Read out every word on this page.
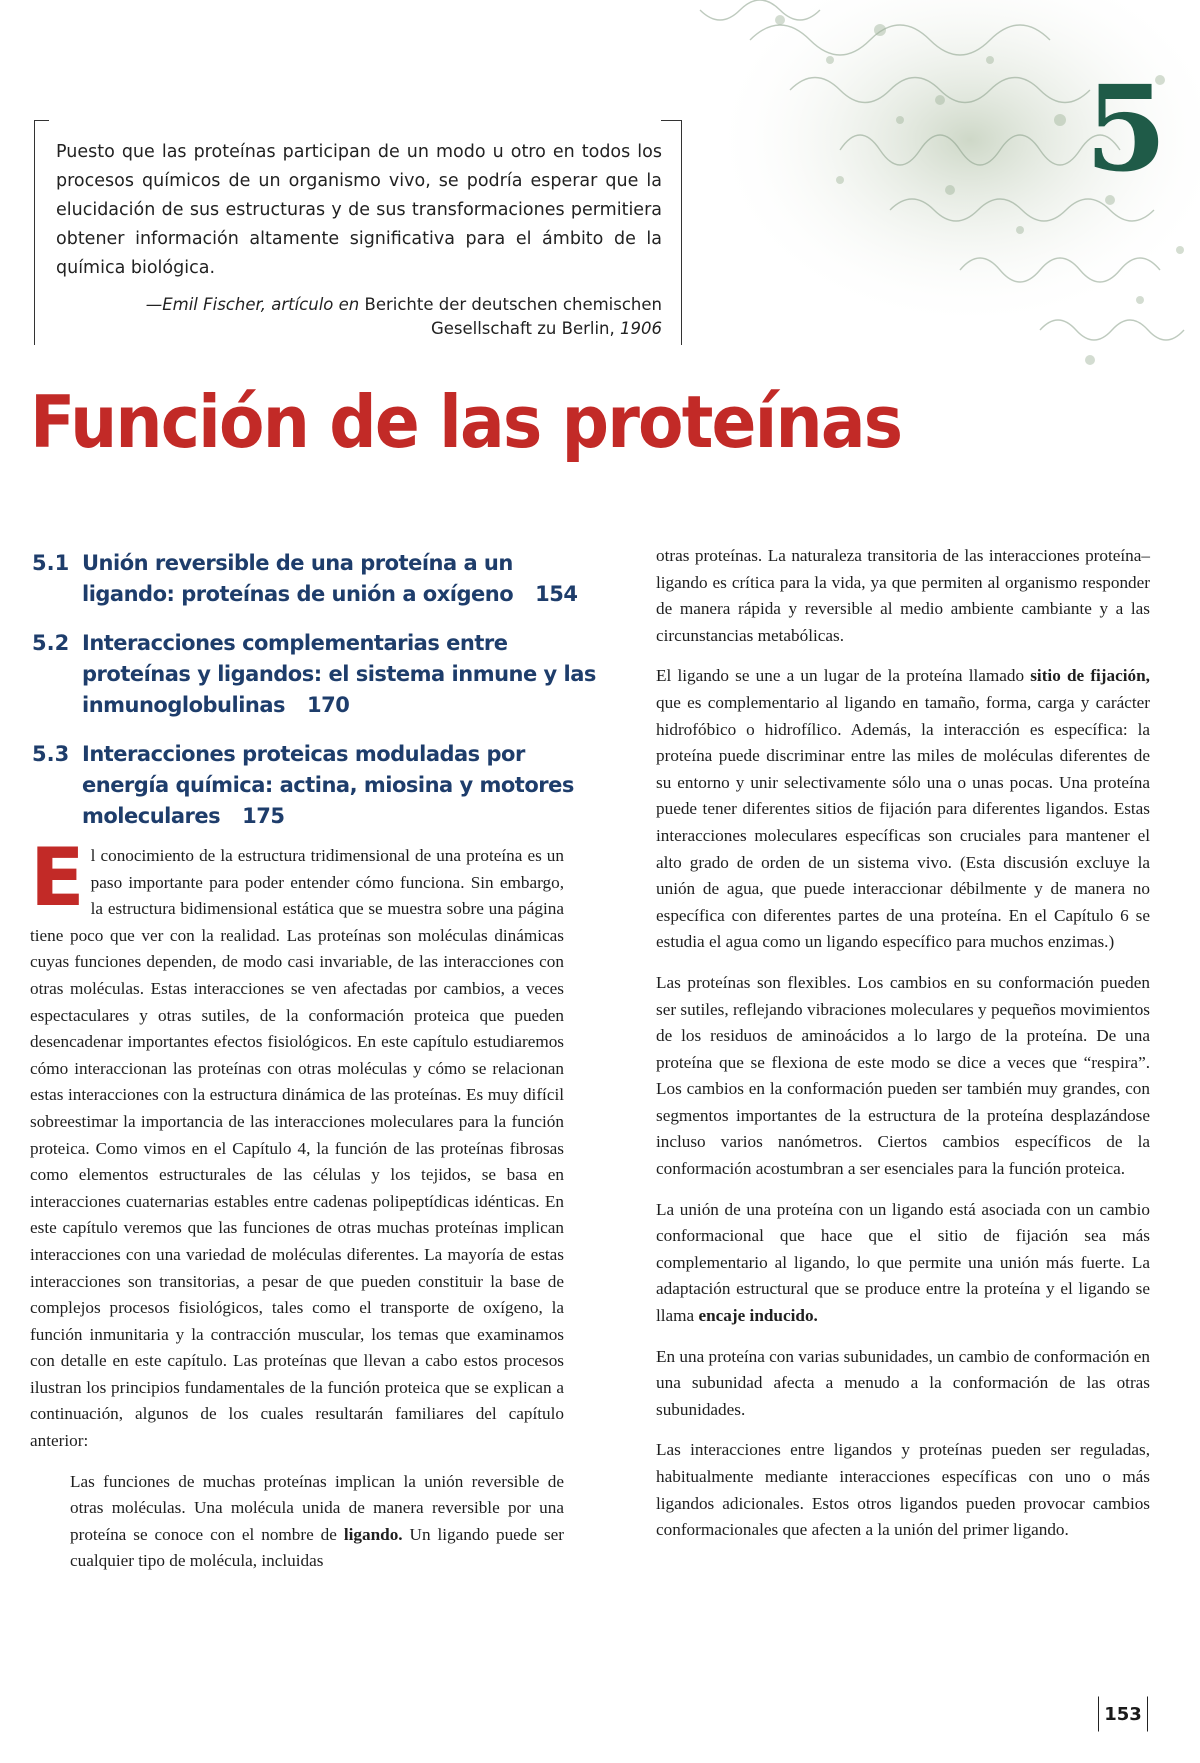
5

Puesto que las proteínas participan de un modo u otro en todos los procesos químicos de un organismo vivo, se podría esperar que la elucidación de sus estructuras y de sus transformaciones permitiera obtener información altamente significativa para el ámbito de la química biológica.

—Emil Fischer, artículo en Berichte der deutschen chemischen Gesellschaft zu Berlin, 1906
Función de las proteínas
5.1 Unión reversible de una proteína a un ligando: proteínas de unión a oxígeno 154
5.2 Interacciones complementarias entre proteínas y ligandos: el sistema inmune y las inmunoglobulinas 170
5.3 Interacciones proteicas moduladas por energía química: actina, miosina y motores moleculares 175

El conocimiento de la estructura tridimensional de una proteína es un paso importante para poder entender cómo funciona. Sin embargo, la estructura bidimensional estática que se muestra sobre una página tiene poco que ver con la realidad. Las proteínas son moléculas dinámicas cuyas funciones dependen, de modo casi invariable, de las interacciones con otras moléculas. Estas interacciones se ven afectadas por cambios, a veces espectaculares y otras sutiles, de la conformación proteica que pueden desencadenar importantes efectos fisiológicos. En este capítulo estudiaremos cómo interaccionan las proteínas con otras moléculas y cómo se relacionan estas interacciones con la estructura dinámica de las proteínas. Es muy difícil sobreestimar la importancia de las interacciones moleculares para la función proteica. Como vimos en el Capítulo 4, la función de las proteínas fibrosas como elementos estructurales de las células y los tejidos, se basa en interacciones cuaternarias estables entre cadenas polipeptídicas idénticas. En este capítulo veremos que las funciones de otras muchas proteínas implican interacciones con una variedad de moléculas diferentes. La mayoría de estas interacciones son transitorias, a pesar de que pueden constituir la base de complejos procesos fisiológicos, tales como el transporte de oxígeno, la función inmunitaria y la contracción muscular, los temas que examinamos con detalle en este capítulo. Las proteínas que llevan a cabo estos procesos ilustran los principios fundamentales de la función proteica que se explican a continuación, algunos de los cuales resultarán familiares del capítulo anterior:

Las funciones de muchas proteínas implican la unión reversible de otras moléculas. Una molécula unida de manera reversible por una proteína se conoce con el nombre de ligando. Un ligando puede ser cualquier tipo de molécula, incluidas

otras proteínas. La naturaleza transitoria de las interacciones proteína–ligando es crítica para la vida, ya que permiten al organismo responder de manera rápida y reversible al medio ambiente cambiante y a las circunstancias metabólicas.

El ligando se une a un lugar de la proteína llamado sitio de fijación, que es complementario al ligando en tamaño, forma, carga y carácter hidrofóbico o hidrofílico. Además, la interacción es específica: la proteína puede discriminar entre las miles de moléculas diferentes de su entorno y unir selectivamente sólo una o unas pocas. Una proteína puede tener diferentes sitios de fijación para diferentes ligandos. Estas interacciones moleculares específicas son cruciales para mantener el alto grado de orden de un sistema vivo. (Esta discusión excluye la unión de agua, que puede interaccionar débilmente y de manera no específica con diferentes partes de una proteína. En el Capítulo 6 se estudia el agua como un ligando específico para muchos enzimas.)

Las proteínas son flexibles. Los cambios en su conformación pueden ser sutiles, reflejando vibraciones moleculares y pequeños movimientos de los residuos de aminoácidos a lo largo de la proteína. De una proteína que se flexiona de este modo se dice a veces que “respira”. Los cambios en la conformación pueden ser también muy grandes, con segmentos importantes de la estructura de la proteína desplazándose incluso varios nanómetros. Ciertos cambios específicos de la conformación acostumbran a ser esenciales para la función proteica.

La unión de una proteína con un ligando está asociada con un cambio conformacional que hace que el sitio de fijación sea más complementario al ligando, lo que permite una unión más fuerte. La adaptación estructural que se produce entre la proteína y el ligando se llama encaje inducido.

En una proteína con varias subunidades, un cambio de conformación en una subunidad afecta a menudo a la conformación de las otras subunidades.

Las interacciones entre ligandos y proteínas pueden ser reguladas, habitualmente mediante interacciones específicas con uno o más ligandos adicionales. Estos otros ligandos pueden provocar cambios conformacionales que afecten a la unión del primer ligando.

153
